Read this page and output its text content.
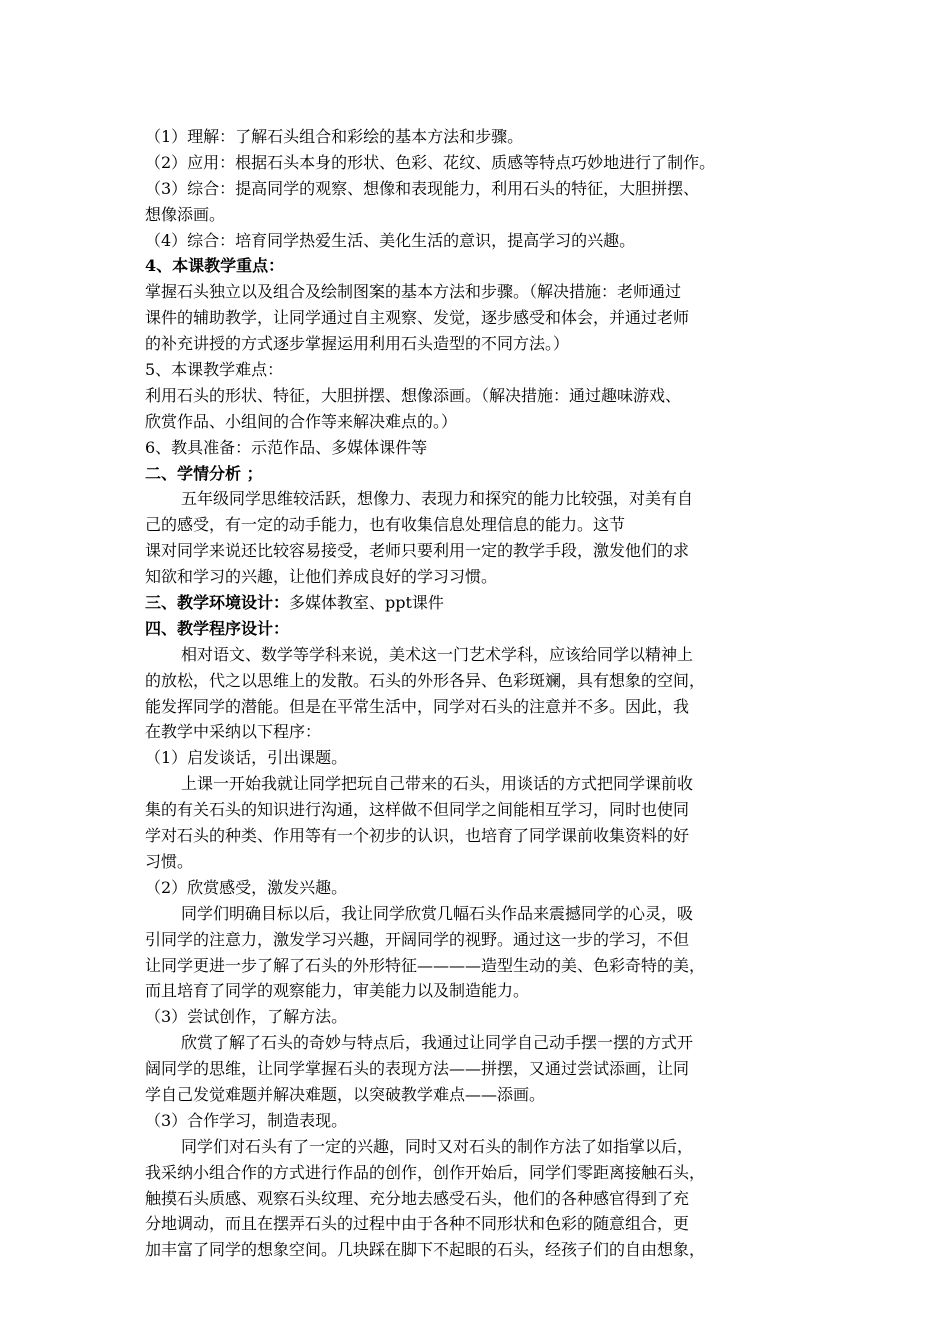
（1）理解：了解石头组合和彩绘的基本方法和步骤。
（2）应用：根据石头本身的形状、色彩、花纹、质感等特点巧妙地进行了制作。
（3）综合：提高同学的观察、想像和表现能力，利用石头的特征，大胆拼摆、
想像添画。
（4）综合：培育同学热爱生活、美化生活的意识，提高学习的兴趣。
4、本课教学重点：
掌握石头独立以及组合及绘制图案的基本方法和步骤。（解决措施：老师通过
课件的辅助教学，让同学通过自主观察、发觉，逐步感受和体会，并通过老师
的补充讲授的方式逐步掌握运用利用石头造型的不同方法。）
5、本课教学难点：
利用石头的形状、特征，大胆拼摆、想像添画。（解决措施：通过趣味游戏、
欣赏作品、小组间的合作等来解决难点的。）
6、教具准备：示范作品、多媒体课件等
二、学情分析 ；
五年级同学思维较活跃，想像力、表现力和探究的能力比较强，对美有自
己的感受，有一定的动手能力，也有收集信息处理信息的能力。这节
课对同学来说还比较容易接受，老师只要利用一定的教学手段，激发他们的求
知欲和学习的兴趣，让他们养成良好的学习习惯。
三、教学环境设计：多媒体教室、ppt课件
四、教学程序设计：
相对语文、数学等学科来说，美术这一门艺术学科，应该给同学以精神上
的放松，代之以思维上的发散。石头的外形各异、色彩斑斓，具有想象的空间，
能发挥同学的潜能。但是在平常生活中，同学对石头的注意并不多。因此，我
在教学中采纳以下程序：
（1）启发谈话，引出课题。
上课一开始我就让同学把玩自己带来的石头，用谈话的方式把同学课前收
集的有关石头的知识进行沟通，这样做不但同学之间能相互学习，同时也使同
学对石头的种类、作用等有一个初步的认识，也培育了同学课前收集资料的好
习惯。
（2）欣赏感受，激发兴趣。
同学们明确目标以后，我让同学欣赏几幅石头作品来震撼同学的心灵，吸
引同学的注意力，激发学习兴趣，开阔同学的视野。通过这一步的学习，不但
让同学更进一步了解了石头的外形特征————造型生动的美、色彩奇特的美，
而且培育了同学的观察能力，审美能力以及制造能力。
（3）尝试创作，了解方法。
欣赏了解了石头的奇妙与特点后，我通过让同学自己动手摆一摆的方式开
阔同学的思维，让同学掌握石头的表现方法——拼摆，又通过尝试添画，让同
学自己发觉难题并解决难题，以突破教学难点——添画。
（3）合作学习，制造表现。
同学们对石头有了一定的兴趣，同时又对石头的制作方法了如指掌以后，
我采纳小组合作的方式进行作品的创作，创作开始后，同学们零距离接触石头，
触摸石头质感、观察石头纹理、充分地去感受石头，他们的各种感官得到了充
分地调动，而且在摆弄石头的过程中由于各种不同形状和色彩的随意组合，更
加丰富了同学的想象空间。几块踩在脚下不起眼的石头，经孩子们的自由想象，
